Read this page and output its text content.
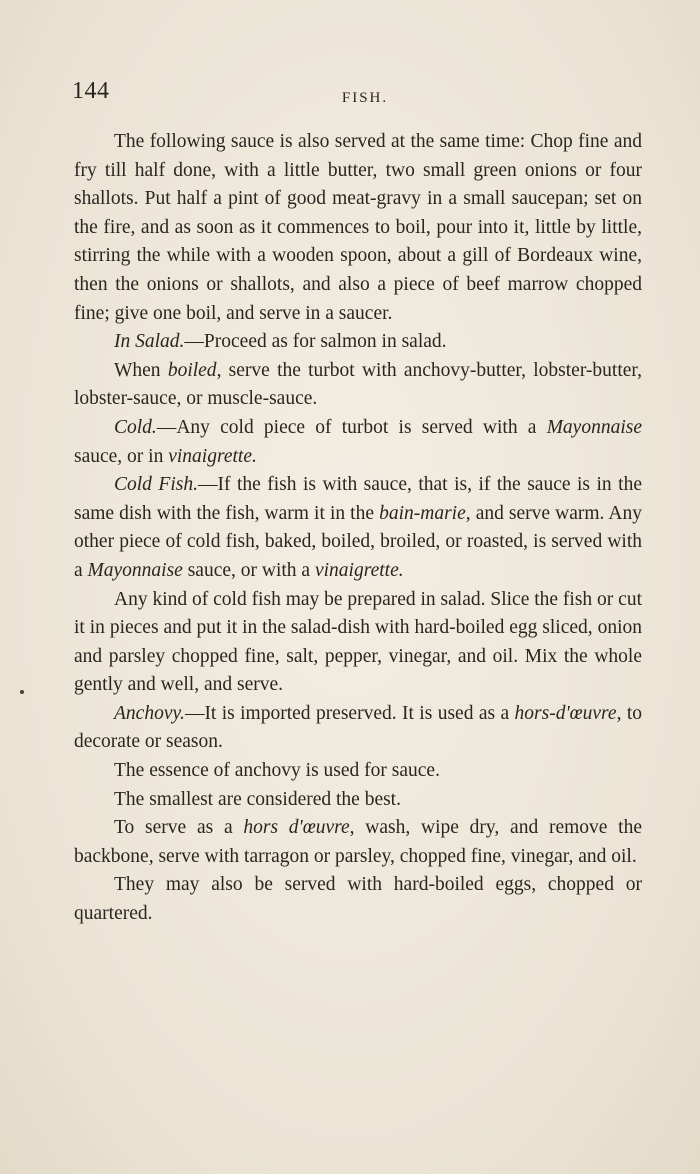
144	FISH.

The following sauce is also served at the same time: Chop fine and fry till half done, with a little butter, two small green onions or four shallots. Put half a pint of good meat-gravy in a small saucepan; set on the fire, and as soon as it commences to boil, pour into it, little by little, stirring the while with a wooden spoon, about a gill of Bordeaux wine, then the onions or shallots, and also a piece of beef marrow chopped fine; give one boil, and serve in a saucer.

In Salad.—Proceed as for salmon in salad.

When boiled, serve the turbot with anchovy-butter, lobster-butter, lobster-sauce, or muscle-sauce.

Cold.—Any cold piece of turbot is served with a Mayonnaise sauce, or in vinaigrette.

Cold Fish.—If the fish is with sauce, that is, if the sauce is in the same dish with the fish, warm it in the bain-marie, and serve warm. Any other piece of cold fish, baked, boiled, broiled, or roasted, is served with a Mayonnaise sauce, or with a vinaigrette.

Any kind of cold fish may be prepared in salad. Slice the fish or cut it in pieces and put it in the salad-dish with hard-boiled egg sliced, onion and parsley chopped fine, salt, pepper, vinegar, and oil. Mix the whole gently and well, and serve.

Anchovy.—It is imported preserved. It is used as a hors-d'œuvre, to decorate or season.

The essence of anchovy is used for sauce.

The smallest are considered the best.

To serve as a hors d'œuvre, wash, wipe dry, and remove the backbone, serve with tarragon or parsley, chopped fine, vinegar, and oil.

They may also be served with hard-boiled eggs, chopped or quartered.
